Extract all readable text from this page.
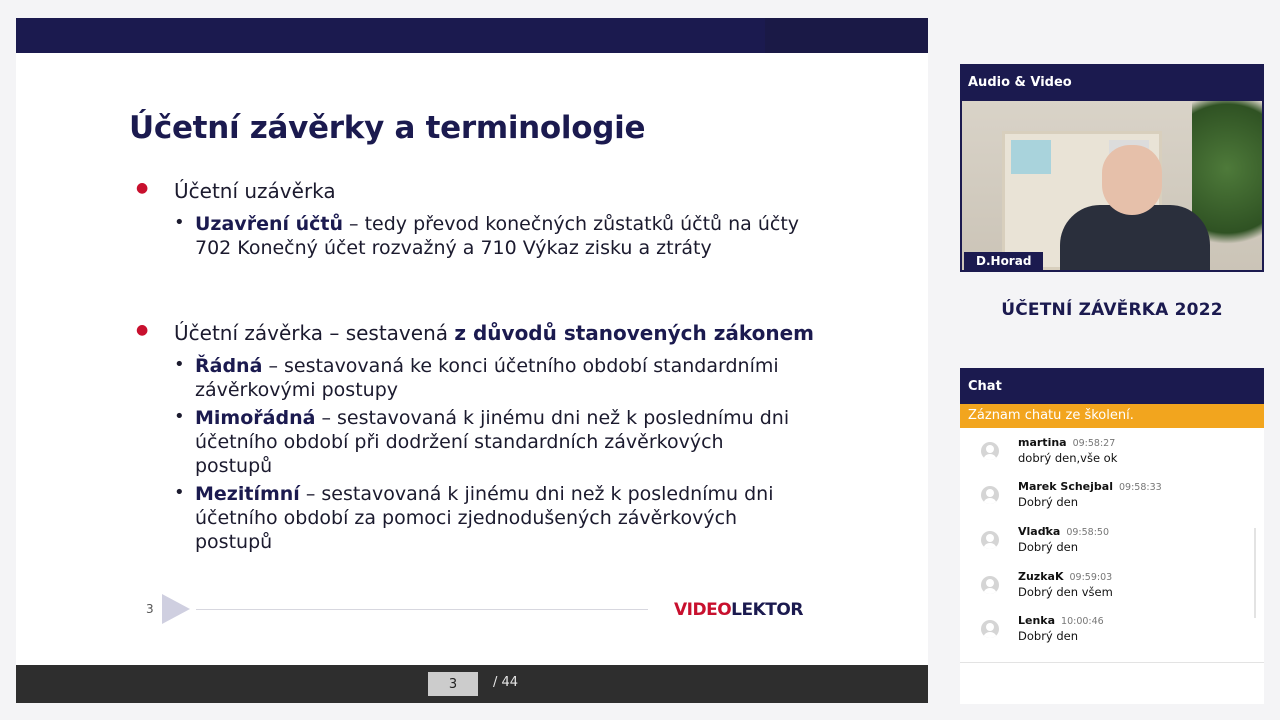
Účetní závěrky a terminologie
● Účetní uzávěrka
• Uzavření účtů – tedy převod konečných zůstatků účtů na účty
702 Konečný účet rozvažný a 710 Výkaz zisku a ztráty
● Účetní závěrka – sestavená z důvodů stanovených zákonem
• Řádná – sestavovaná ke konci účetního období standardními
závěrkovými postupy
• Mimořádná – sestavovaná k jinému dni než k poslednímu dni
účetního období při dodržení standardních závěrkových
postupů
• Mezitímní – sestavovaná k jinému dni než k poslednímu dni
účetního období za pomoci zjednodušených závěrkových
postupů
3	VIDEOLEKTOR
3
/ 44
Audio & Video
D.Horad
ÚČETNÍ ZÁVĚRKA 2022
Chat
Záznam chatu ze školení.
martina 09:58:27
dobrý den,vše ok
Marek Schejbal 09:58:33
Dobrý den
Vlaďka 09:58:50
Dobrý den
ZuzkaK 09:59:03
Dobrý den všem
Lenka 10:00:46
Dobrý den
